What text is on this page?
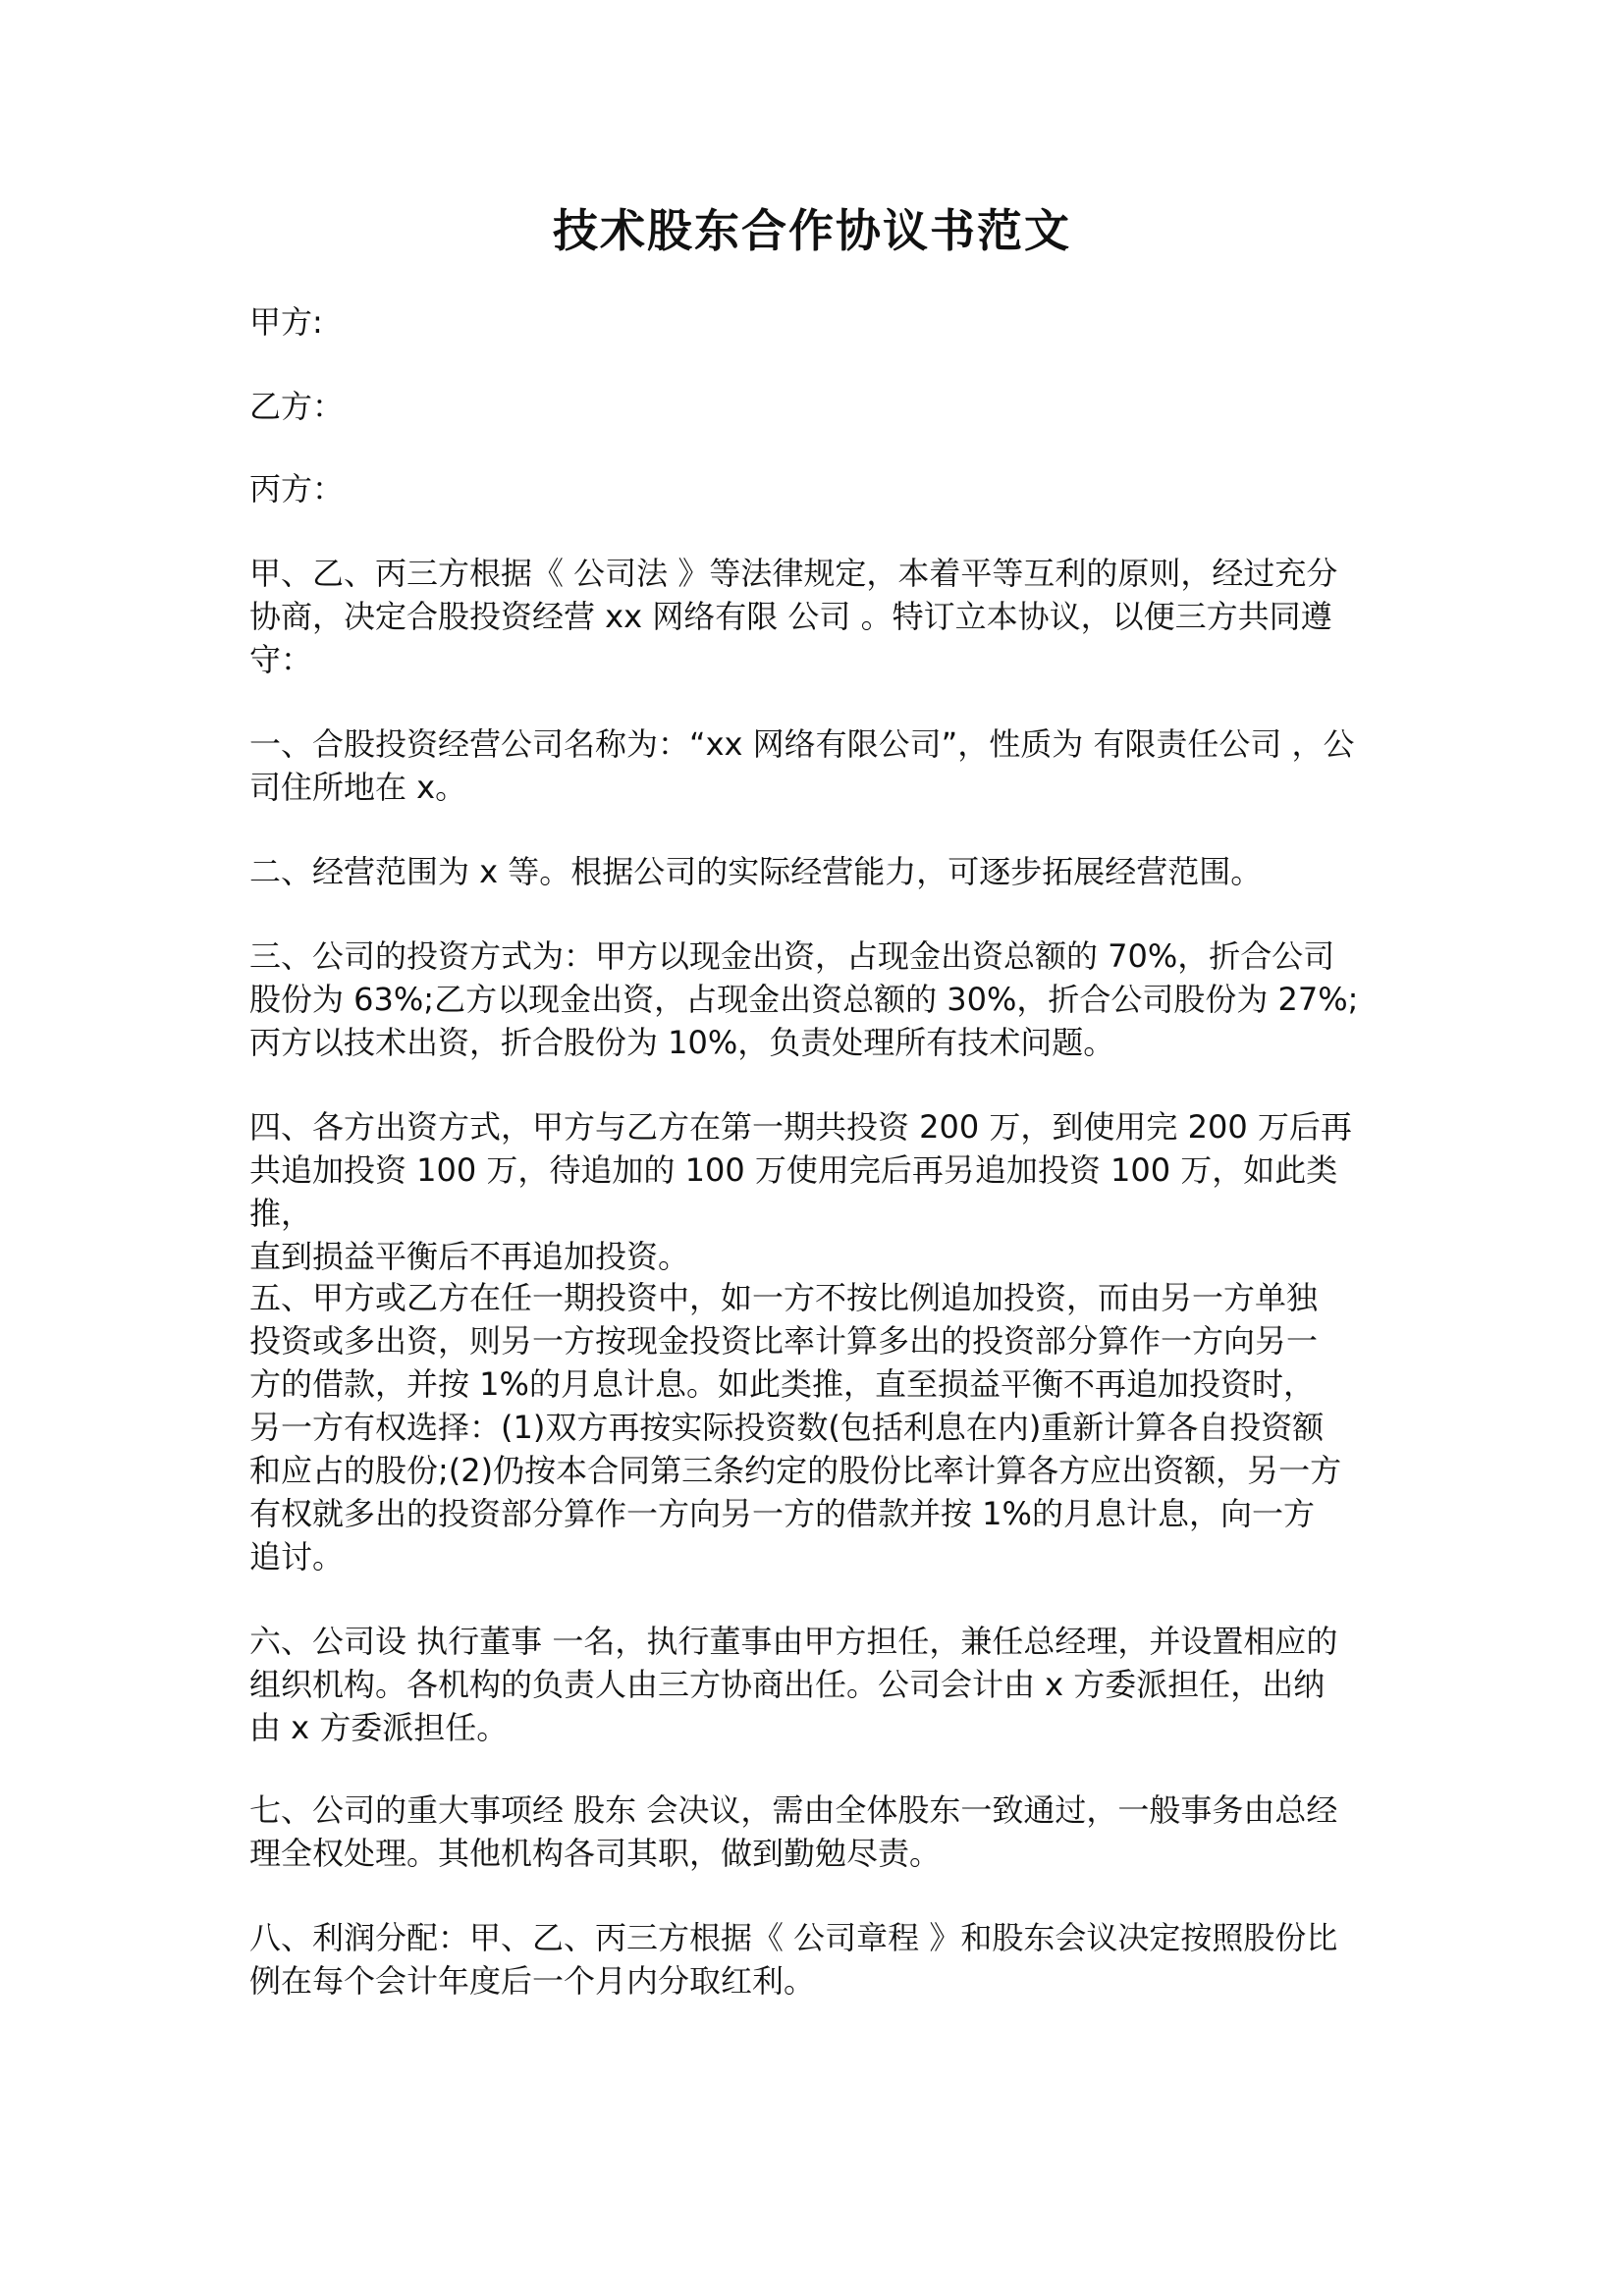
技术股东合作协议书范文

甲方:

乙方：

丙方：

甲、乙、丙三方根据《 公司法 》等法律规定，本着平等互利的原则，经过充分
协商，决定合股投资经营 xx 网络有限 公司 。特订立本协议，以便三方共同遵
守：

一、合股投资经营公司名称为：“xx 网络有限公司”，性质为 有限责任公司 ，公
司住所地在 x。

二、经营范围为 x 等。根据公司的实际经营能力，可逐步拓展经营范围。

三、公司的投资方式为：甲方以现金出资，占现金出资总额的 70%，折合公司
股份为 63%;乙方以现金出资，占现金出资总额的 30%，折合公司股份为 27%;
丙方以技术出资，折合股份为 10%，负责处理所有技术问题。

四、各方出资方式，甲方与乙方在第一期共投资 200 万，到使用完 200 万后再
共追加投资 100 万，待追加的 100 万使用完后再另追加投资 100 万，如此类推，
直到损益平衡后不再追加投资。

五、甲方或乙方在任一期投资中，如一方不按比例追加投资，而由另一方单独
投资或多出资，则另一方按现金投资比率计算多出的投资部分算作一方向另一
方的借款，并按 1%的月息计息。如此类推，直至损益平衡不再追加投资时，
另一方有权选择：(1)双方再按实际投资数(包括利息在内)重新计算各自投资额
和应占的股份;(2)仍按本合同第三条约定的股份比率计算各方应出资额，另一方
有权就多出的投资部分算作一方向另一方的借款并按 1%的月息计息，向一方
追讨。

六、公司设 执行董事 一名，执行董事由甲方担任，兼任总经理，并设置相应的
组织机构。各机构的负责人由三方协商出任。公司会计由 x 方委派担任，出纳
由 x 方委派担任。

七、公司的重大事项经 股东 会决议，需由全体股东一致通过，一般事务由总经
理全权处理。其他机构各司其职，做到勤勉尽责。

八、利润分配：甲、乙、丙三方根据《 公司章程 》和股东会议决定按照股份比
例在每个会计年度后一个月内分取红利。
